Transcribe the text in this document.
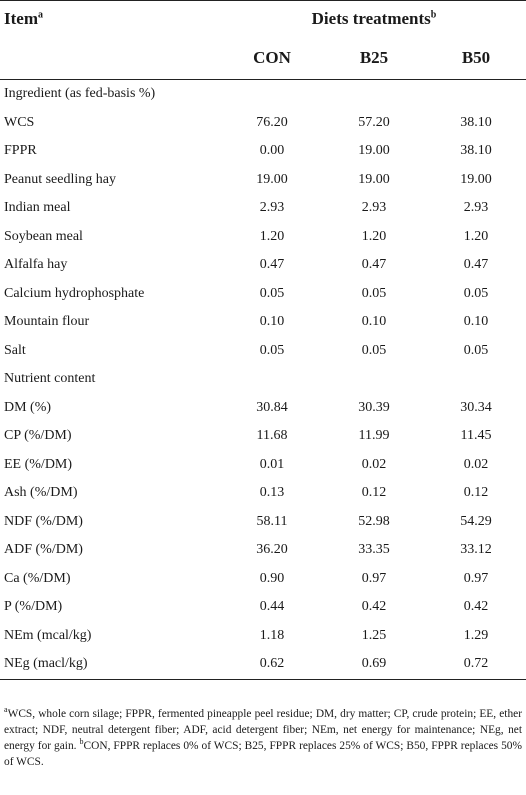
Item$^a$	Diets treatments$^b$
	CON	B25	B50
Ingredient (as fed-basis %)			
WCS	76.20	57.20	38.10
FPPR	0.00	19.00	38.10
Peanut seedling hay	19.00	19.00	19.00
Indian meal	2.93	2.93	2.93
Soybean meal	1.20	1.20	1.20
Alfalfa hay	0.47	0.47	0.47
Calcium hydrophosphate	0.05	0.05	0.05
Mountain flour	0.10	0.10	0.10
Salt	0.05	0.05	0.05
Nutrient content			
DM (%)	30.84	30.39	30.34
CP (%/DM)	11.68	11.99	11.45
EE (%/DM)	0.01	0.02	0.02
Ash (%/DM)	0.13	0.12	0.12
NDF (%/DM)	58.11	52.98	54.29
ADF (%/DM)	36.20	33.35	33.12
Ca (%/DM)	0.90	0.97	0.97
P (%/DM)	0.44	0.42	0.42
NEm (mcal/kg)	1.18	1.25	1.29
NEg (macl/kg)	0.62	0.69	0.72
$^a$WCS, whole corn silage; FPPR, fermented pineapple peel residue; DM, dry matter; CP, crude protein; EE, ether extract; NDF, neutral detergent fiber; ADF, acid detergent fiber; NEm, net energy for maintenance; NEg, net energy for gain. $^b$CON, FPPR replaces 0% of WCS; B25, FPPR replaces 25% of WCS; B50, FPPR replaces 50% of WCS.
